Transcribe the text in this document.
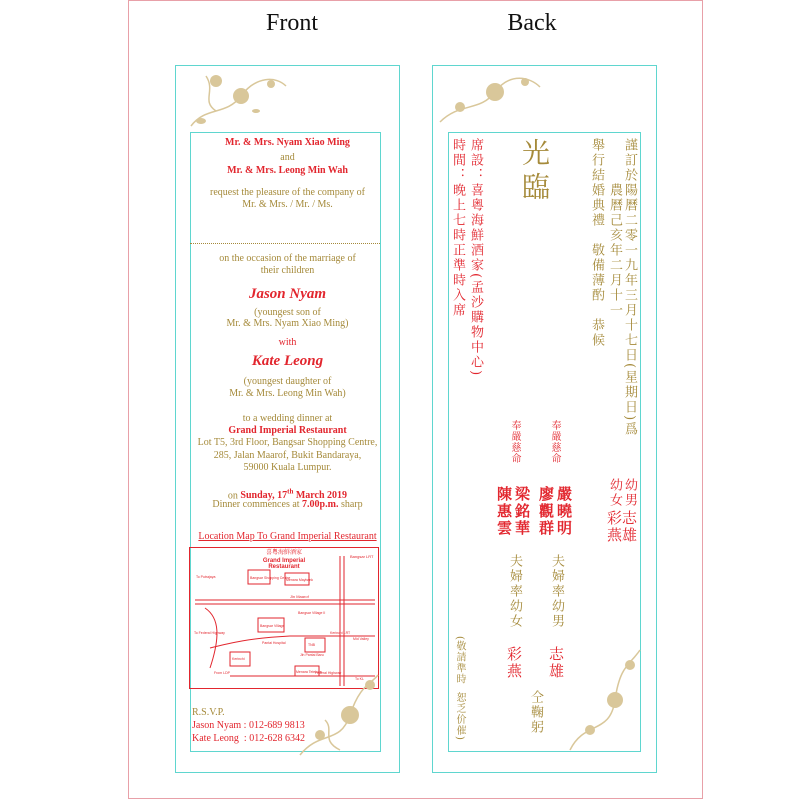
Front	Back
Mr. & Mrs. Nyam Xiao Ming
and
Mr. & Mrs. Leong Min Wah
request the pleasure of the company of
Mr. & Mrs. / Mr. / Ms.
on the occasion of the marriage of
their children
Jason Nyam
(youngest son of
Mr. & Mrs. Nyam Xiao Ming)
with
Kate Leong
(youngest daughter of
Mr. & Mrs. Leong Min Wah)
to a wedding dinner at
Grand Imperial Restaurant
Lot T5, 3rd Floor, Bangsar Shopping Centre,
285, Jalan Maarof, Bukit Bandaraya,
59000 Kuala Lumpur.
on Sunday, 17th March 2019
Dinner commences at 7.00p.m. sharp
Location Map To Grand Imperial Restaurant
喜粵海鮮酒家
Grand Imperial
Restaurant
Bangsar LRT
Bangsar Shopping Centre
Menara Maybank
Jln Maarof
To Putrajaya
Bangsar Village
Bangsar Village II
Pantai Hospital	TNB
Kerinchi LRT
To Federal Highway
Mid Valley
Jln Pantai Baru
Federal Highway
Menara Telekom
Kerinchi
From LDP
To KL
R.S.V.P.
Jason Nyam : 012-689 9813
Kate Leong  : 012-628 6342
謹訂於陽曆二零一九年三月十七日(星期日)爲
農曆己亥年二月十一
舉行結婚典禮　敬備薄酌　恭候
幼男
幼女
志雄
彩燕
光臨
席設：喜粵海鮮酒家(孟沙購物中心)
時間：晚上七時正準時入席
奉嚴慈命
嚴曉明
廖觀群
夫婦率幼男
志雄
奉嚴慈命
梁銘華
陳惠雲
夫婦率幼女
彩燕
仝鞠躬
(敬請準時
恕乏价催)
